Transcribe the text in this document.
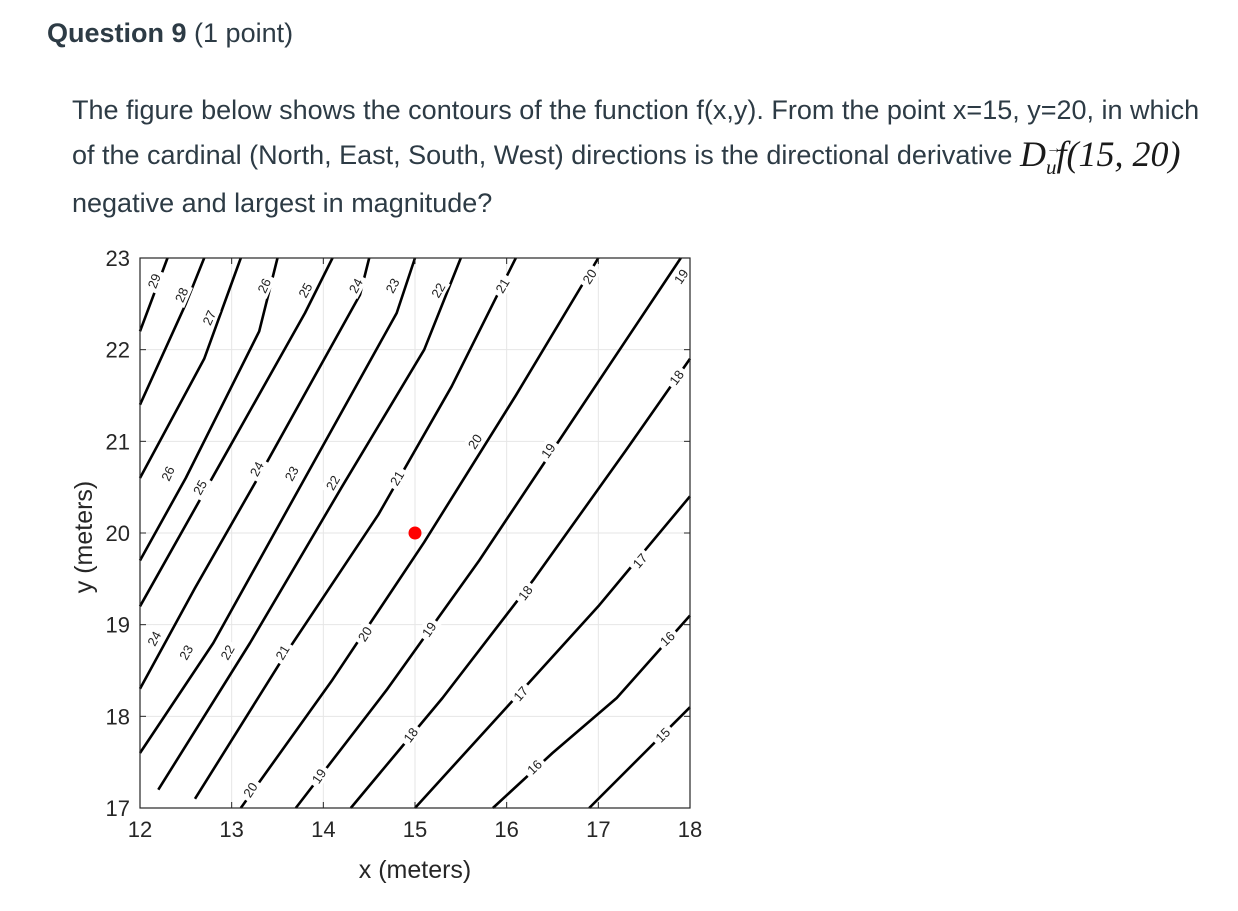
Question 9 (1 point)
The figure below shows the contours of the function f(x,y). From the point x=15, y=20, in which of the cardinal (North, East, South, West) directions is the directional derivative D→ uf(15, 20) negative and largest in magnitude?
15
16
16
17
17
18
18
18
19
19
19
19
20
20
20
20
21
21
21
22
22
22
23
23
23
24
24
24
25
25
26
26
27
28
29
12	13	14	15	16	17	18
17
18
19
20
21
22
23
x (meters)
y (meters)
